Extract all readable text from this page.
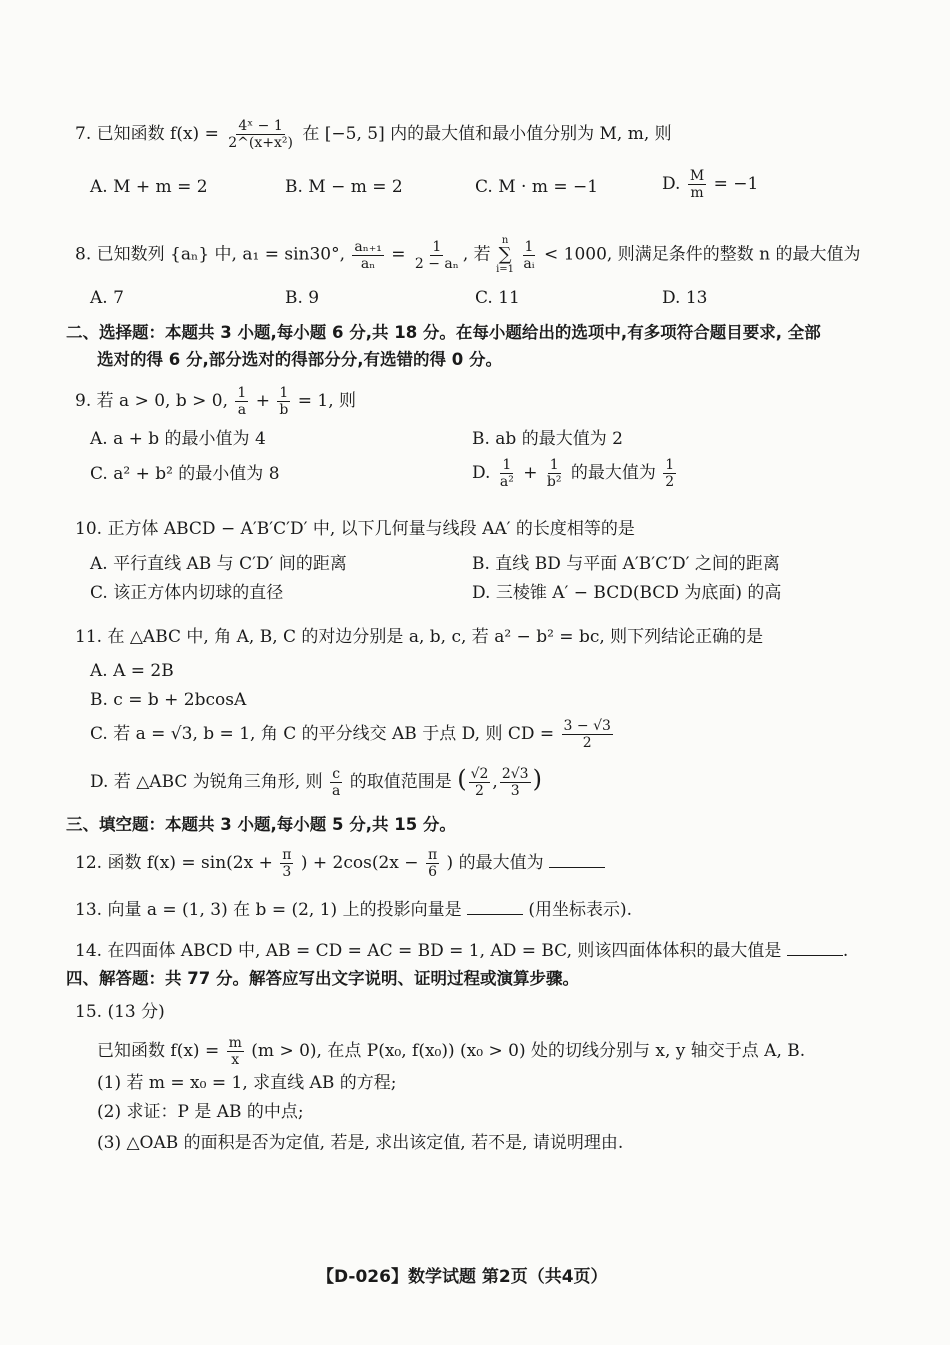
7. 已知函数 $f(x) = \frac{\text{4ˣ − 1}}{\text{2\textasciicircum{}(x+x²)}}$ 在 [−5, 5] 内的最大值和最小值分别为 M, m, 则
A. M + m = 2	B. M − m = 2	C. M · m = −1	D. $\frac{M}{m} = -1$
8. 已知数列 {aₙ} 中, a₁ = sin30°, $\frac{\text{aₙ₊₁}}{\text{aₙ}} = \frac{1}{\text{2 − aₙ}}$ , 若
n
∑
i=1
$\frac{1}{\text{aᵢ}} < 1000$, 则满足条件的整数 n 的最大值为
A. 7	B. 9	C. 11	D. 13
二、选择题：本题共 3 小题,每小题 6 分,共 18 分。在每小题给出的选项中,有多项符合题目要求, 全部
选对的得 6 分,部分选对的得部分分,有选错的得 0 分。
9. 若 a > 0, b > 0, $\frac{1}{a} + \frac{1}{b} = 1$, 则
A. a + b 的最小值为 4	B. ab 的最大值为 2
C. a² + b² 的最小值为 8	D. $\frac{1}{\text{a²}} + \frac{1}{\text{b²}}$ 的最大值为 $\frac{1}{2}$
10. 正方体 ABCD − A′B′C′D′ 中, 以下几何量与线段 AA′ 的长度相等的是
A. 平行直线 AB 与 C′D′ 间的距离	B. 直线 BD 与平面 A′B′C′D′ 之间的距离
C. 该正方体内切球的直径	D. 三棱锥 A′ − BCD(BCD 为底面) 的高
11. 在 △ABC 中, 角 A, B, C 的对边分别是 a, b, c, 若 a² − b² = bc, 则下列结论正确的是
A. A = 2B
B. c = b + 2bcosA
C. 若 a = √3, b = 1, 角 C 的平分线交 AB 于点 D, 则 CD = $\frac{3 - √3}{2}$
D. 若 △ABC 为锐角三角形, 则 $\frac{c}{a}$ 的取值范围是 ( $\frac{√2}{2}$ , $\frac{2√3}{3}$ )
三、填空题：本题共 3 小题,每小题 5 分,共 15 分。
12. 函数 $f(x) = \sin(2x + \frac{\pi}{3}$ ) + $2\cos(2x - \frac{\pi}{6}$ ) 的最大值为
13. 向量 a = (1, 3) 在 b = (2, 1) 上的投影向量是	(用坐标表示).
14. 在四面体 ABCD 中, AB = CD = AC = BD = 1, AD = BC, 则该四面体体积的最大值是	.
四、解答题：共 77 分。解答应写出文字说明、证明过程或演算步骤。
15. (13 分)
已知函数 $f(x) = \frac{m}{x} (m > 0)$, 在点 P(x₀, f(x₀)) (x₀ > 0) 处的切线分别与 x, y 轴交于点 A, B.
(1) 若 m = x₀ = 1, 求直线 AB 的方程;
(2) 求证：P 是 AB 的中点;
(3) △OAB 的面积是否为定值, 若是, 求出该定值, 若不是, 请说明理由.
【D-026】数学试题 第2页（共4页）
